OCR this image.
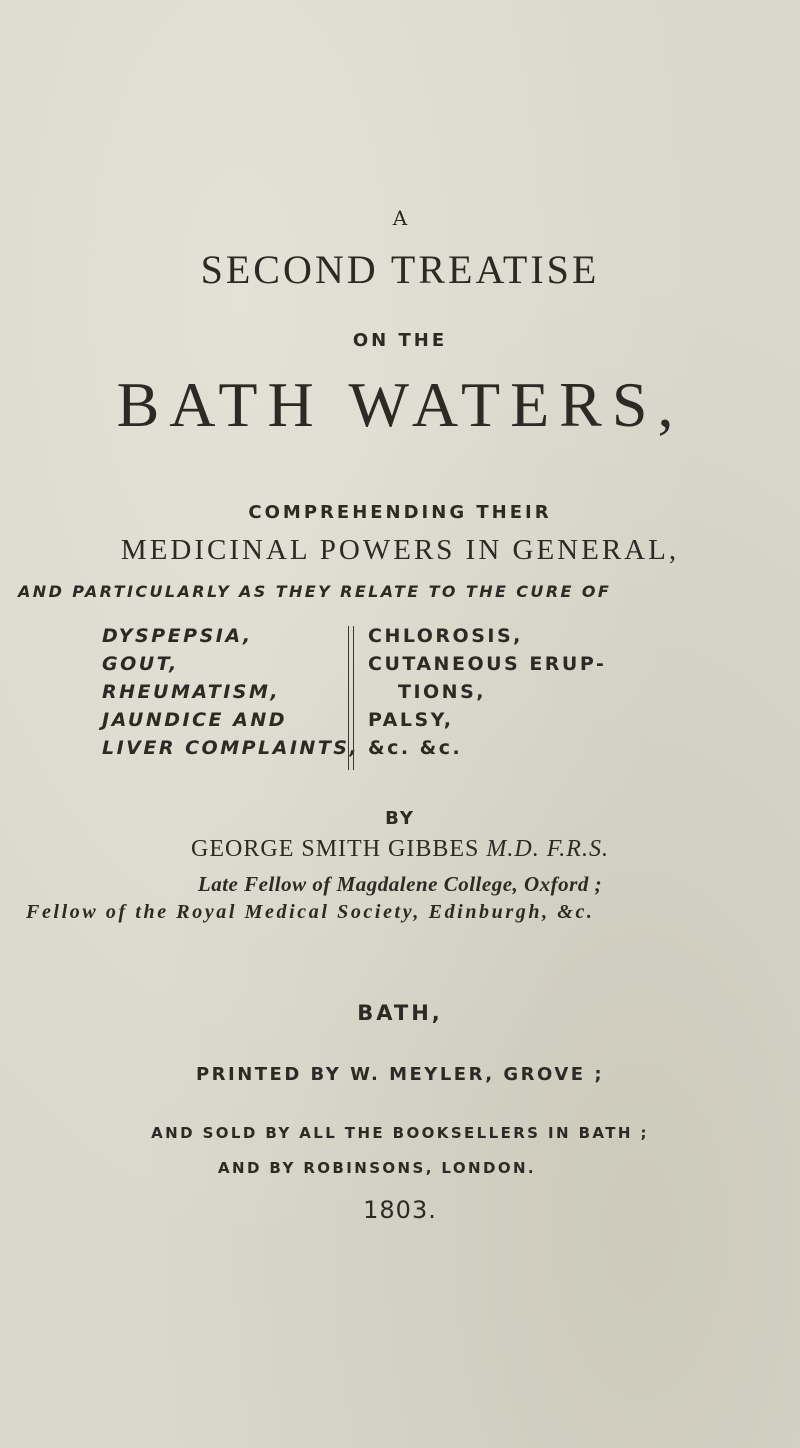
A
SECOND TREATISE
ON THE
BATH WATERS,
COMPREHENDING THEIR
MEDICINAL POWERS IN GENERAL,
AND PARTICULARLY AS THEY RELATE TO THE CURE OF
DYSPEPSIA,
GOUT,
RHEUMATISM,
JAUNDICE AND
LIVER COMPLAINTS,
CHLOROSIS,
CUTANEOUS ERUP-
TIONS,
PALSY,
&c. &c.
BY
GEORGE SMITH GIBBES M.D. F.R.S.
Late Fellow of Magdalene College, Oxford ;
Fellow of the Royal Medical Society, Edinburgh, &c.
BATH,
PRINTED BY W. MEYLER, GROVE ;
AND SOLD BY ALL THE BOOKSELLERS IN BATH ;
AND BY ROBINSONS, LONDON.
1803.
